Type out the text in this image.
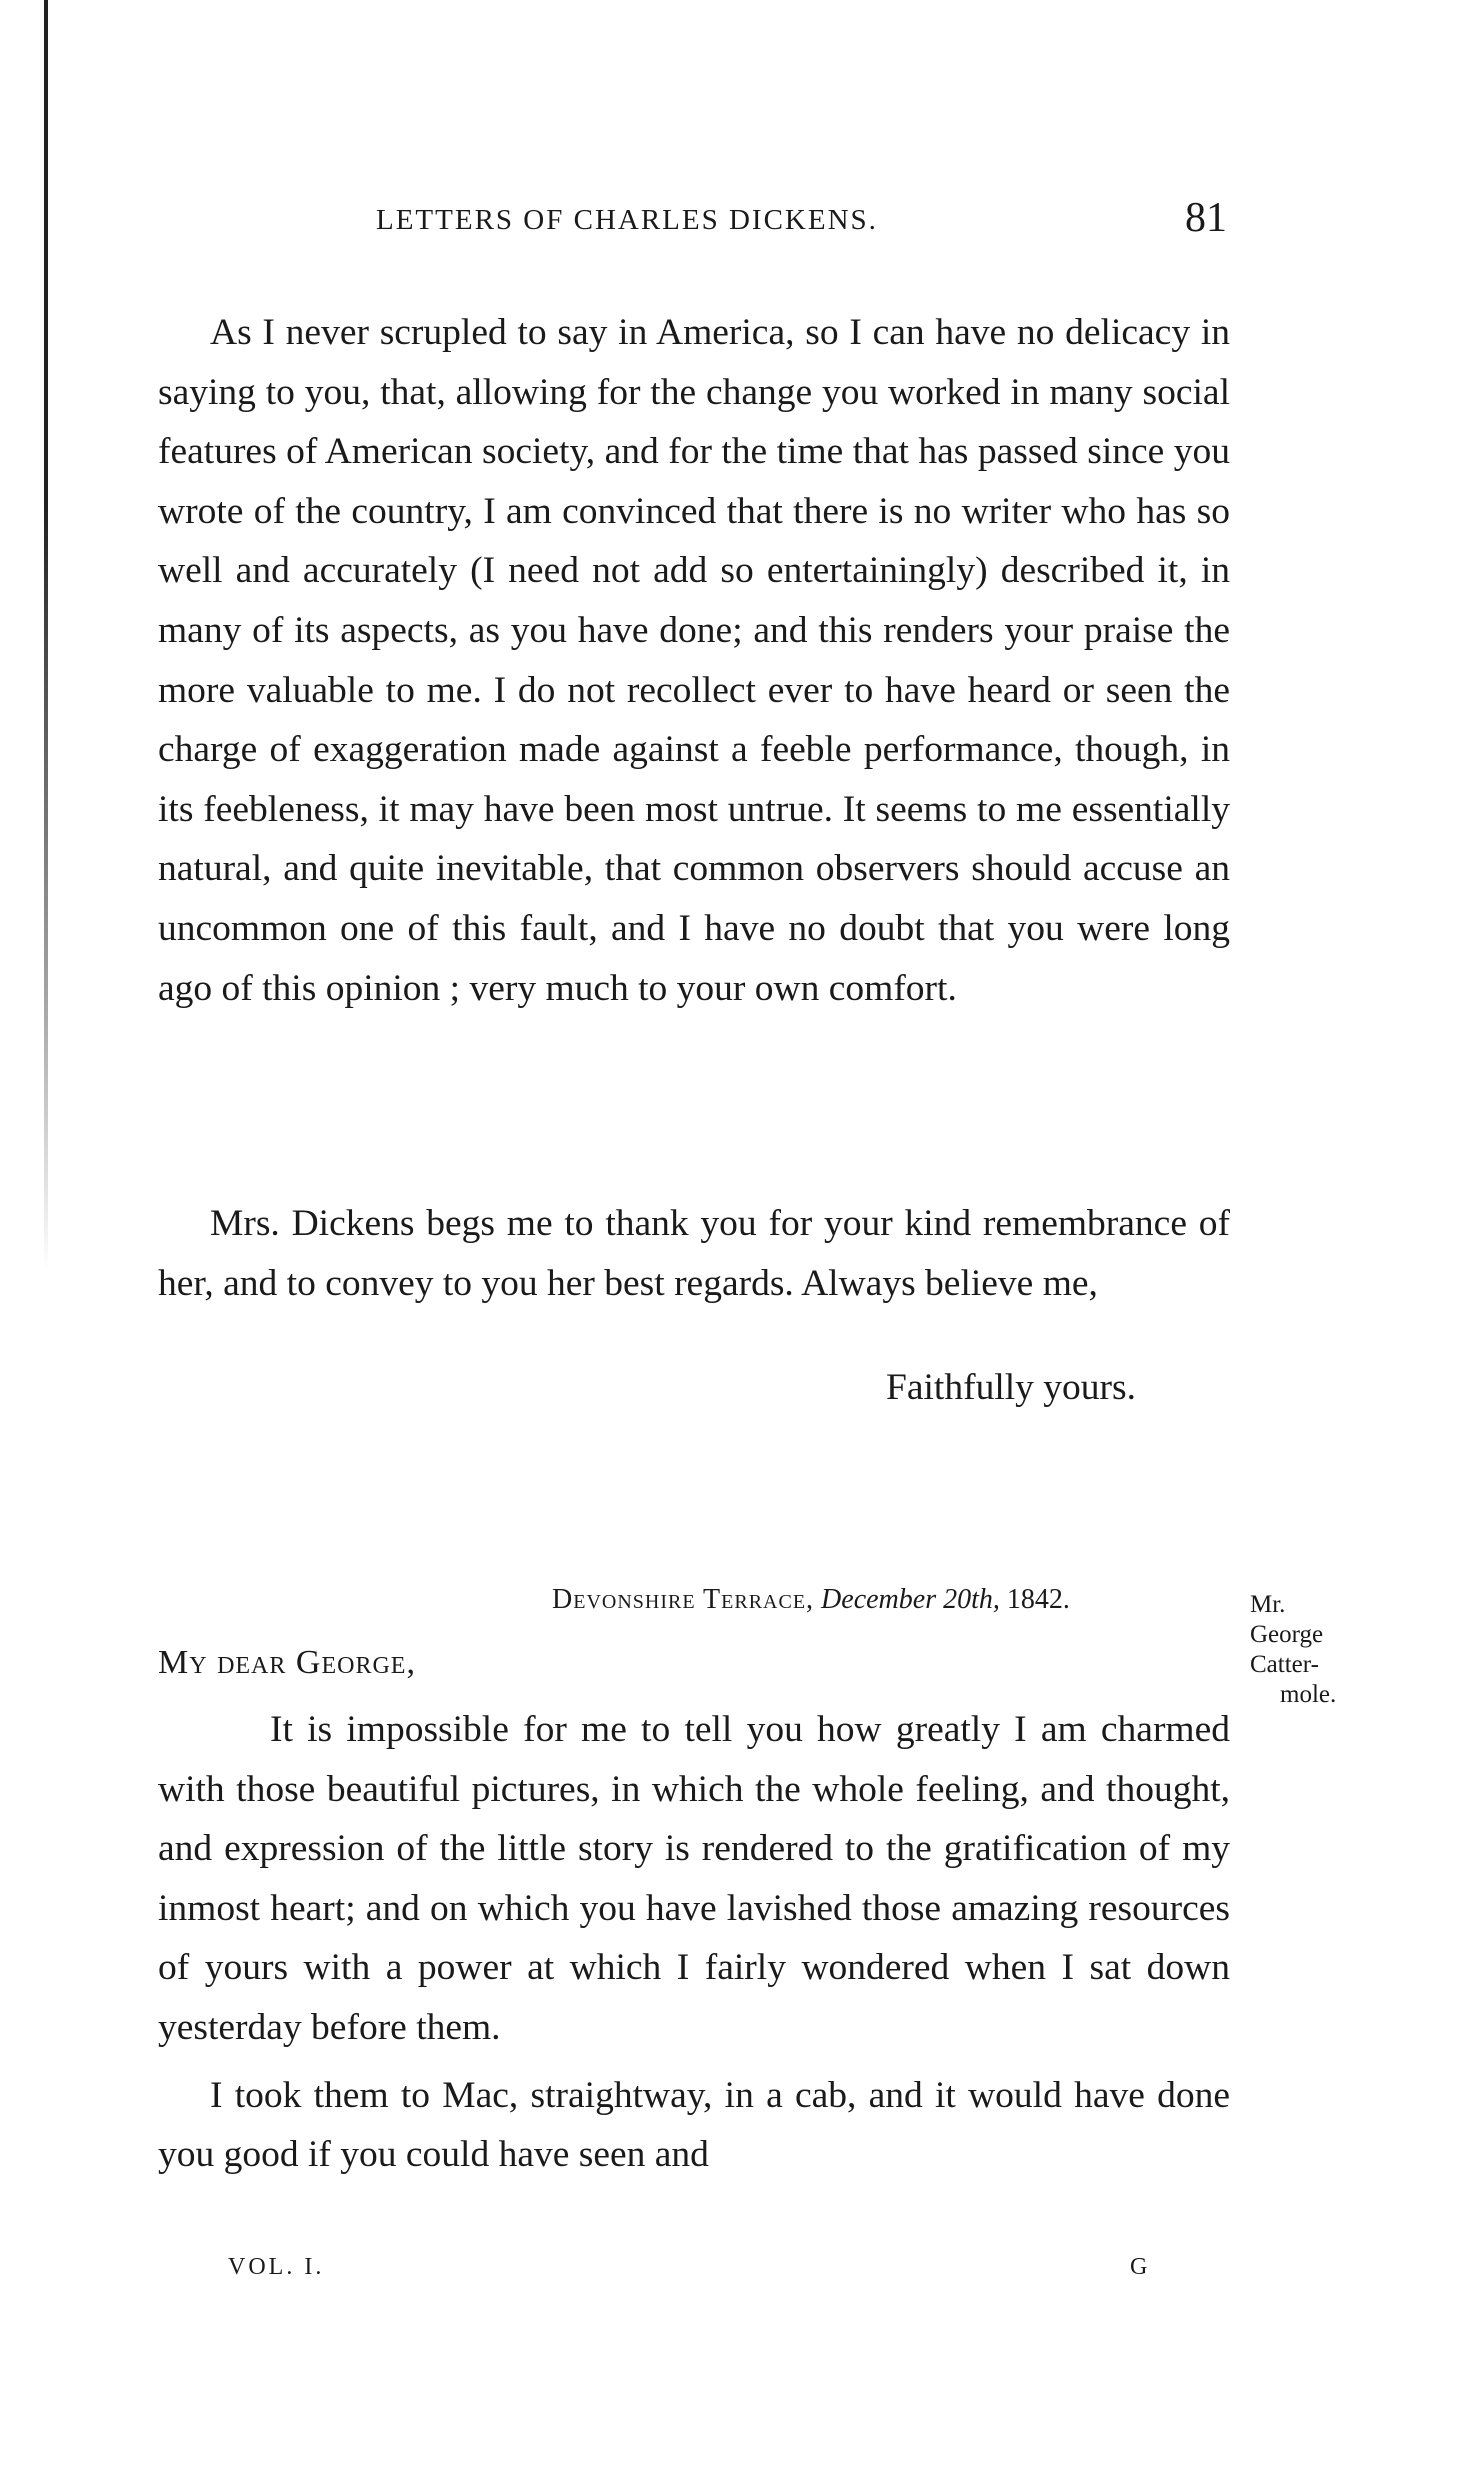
LETTERS OF CHARLES DICKENS.	81

As I never scrupled to say in America, so I can have no delicacy in saying to you, that, allowing for the change you worked in many social features of American society, and for the time that has passed since you wrote of the country, I am convinced that there is no writer who has so well and accurately (I need not add so entertainingly) described it, in many of its aspects, as you have done; and this renders your praise the more valuable to me. I do not recollect ever to have heard or seen the charge of exaggeration made against a feeble performance, though, in its feebleness, it may have been most untrue. It seems to me essentially natural, and quite inevitable, that common observers should accuse an uncommon one of this fault, and I have no doubt that you were long ago of this opinion ; very much to your own comfort.

Mrs. Dickens begs me to thank you for your kind remembrance of her, and to convey to you her best regards. Always believe me,

Faithfully yours.
Devonshire Terrace, December 20th, 1842.	Mr.
George
Catter-
mole.
My dear George,

It is impossible for me to tell you how greatly I am charmed with those beautiful pictures, in which the whole feeling, and thought, and expression of the little story is rendered to the gratification of my inmost heart; and on which you have lavished those amazing resources of yours with a power at which I fairly wondered when I sat down yesterday before them.

I took them to Mac, straightway, in a cab, and it would have done you good if you could have seen and

VOL. I.	G
